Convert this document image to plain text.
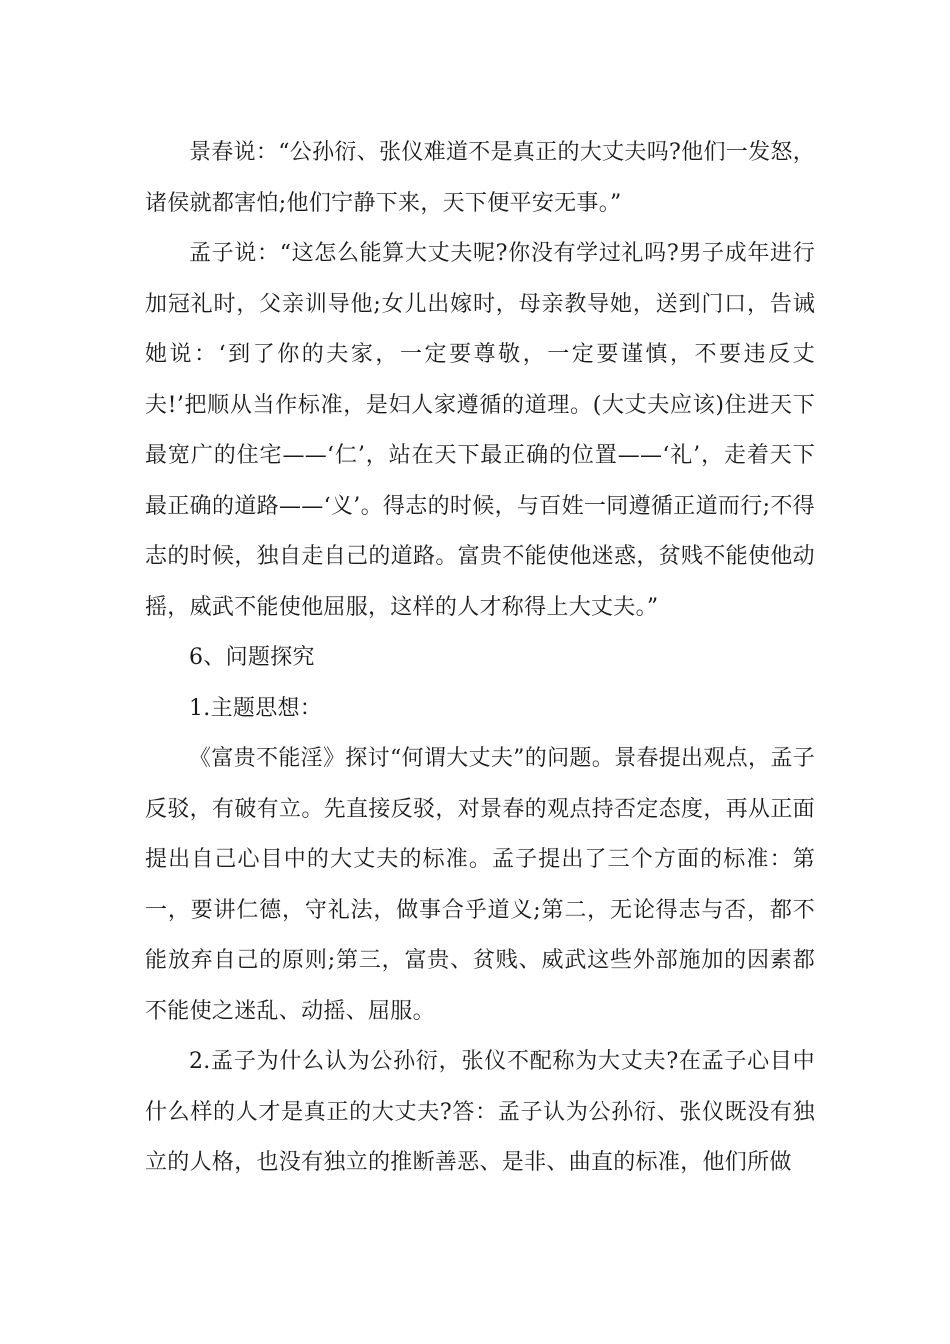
景春说：“公孙衍、张仪难道不是真正的大丈夫吗?他们一发怒，诸侯就都害怕;他们宁静下来，天下便平安无事。”

孟子说：“这怎么能算大丈夫呢?你没有学过礼吗?男子成年进行加冠礼时，父亲训导他;女儿出嫁时，母亲教导她，送到门口，告诫她说：‘到了你的夫家，一定要尊敬，一定要谨慎，不要违反丈夫!’把顺从当作标准，是妇人家遵循的道理。(大丈夫应该)住进天下最宽广的住宅——‘仁’，站在天下最正确的位置——‘礼’，走着天下最正确的道路——‘义’。得志的时候，与百姓一同遵循正道而行;不得志的时候，独自走自己的道路。富贵不能使他迷惑，贫贱不能使他动摇，威武不能使他屈服，这样的人才称得上大丈夫。”

6、问题探究

1.主题思想：

《富贵不能淫》探讨“何谓大丈夫”的问题。景春提出观点，孟子反驳，有破有立。先直接反驳，对景春的观点持否定态度，再从正面提出自己心目中的大丈夫的标准。孟子提出了三个方面的标准：第一，要讲仁德，守礼法，做事合乎道义;第二，无论得志与否，都不能放弃自己的原则;第三，富贵、贫贱、威武这些外部施加的因素都不能使之迷乱、动摇、屈服。

2.孟子为什么认为公孙衍，张仪不配称为大丈夫?在孟子心目中什么样的人才是真正的大丈夫?答：孟子认为公孙衍、张仪既没有独立的人格，也没有独立的推断善恶、是非、曲直的标准，他们所做
